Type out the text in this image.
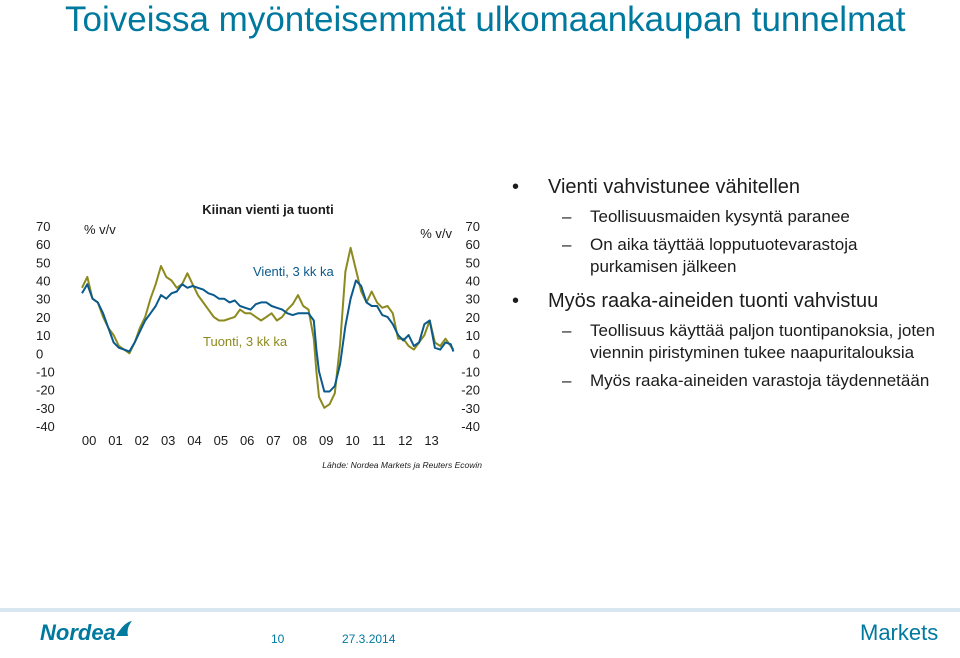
Toiveissa myönteisemmät ulkomaankaupan tunnelmat
Kiinan vienti ja tuonti
% v/v	% v/v
Vienti, 3 kk ka
Tuonti, 3 kk ka
70
60
50
40
30
20
10
0
-10
-20
-30
-40
70
60
50
40
30
20
10
0
-10
-20
-30
-40
00 01 02 03 04 05 06 07 08 09 10 11 12 13
Lähde: Nordea Markets ja Reuters Ecowin
• Vienti vahvistunee vähitellen
– Teollisuusmaiden kysyntä paranee
– On aika täyttää lopputuotevarastoja purkamisen jälkeen
• Myös raaka-aineiden tuonti vahvistuu
– Teollisuus käyttää paljon tuontipanoksia, joten viennin piristyminen tukee naapuritalouksia
– Myös raaka-aineiden varastoja täydennetään
Nordea	10	27.3.2014	Markets
